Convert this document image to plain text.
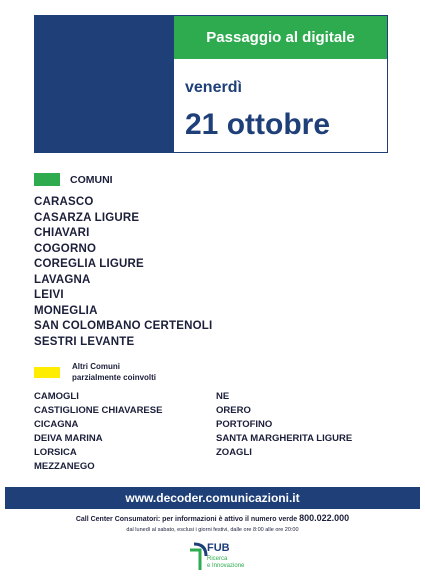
Passaggio al digitale
venerdì
21 ottobre
COMUNI
CARASCO
CASARZA LIGURE
CHIAVARI
COGORNO
COREGLIA LIGURE
LAVAGNA
LEIVI
MONEGLIA
SAN COLOMBANO CERTENOLI
SESTRI LEVANTE
Altri Comuni
parzialmente coinvolti
CAMOGLI
CASTIGLIONE CHIAVARESE
CICAGNA
DEIVA MARINA
LORSICA
MEZZANEGO
NE
ORERO
PORTOFINO
SANTA MARGHERITA LIGURE
ZOAGLI
www.decoder.comunicazioni.it
Call Center Consumatori: per informazioni è attivo il numero verde 800.022.000
dal lunedì al sabato, esclusi i giorni festivi, dalle ore 8:00 alle ore 20:00
FUB
Ricerca
e Innovazione
